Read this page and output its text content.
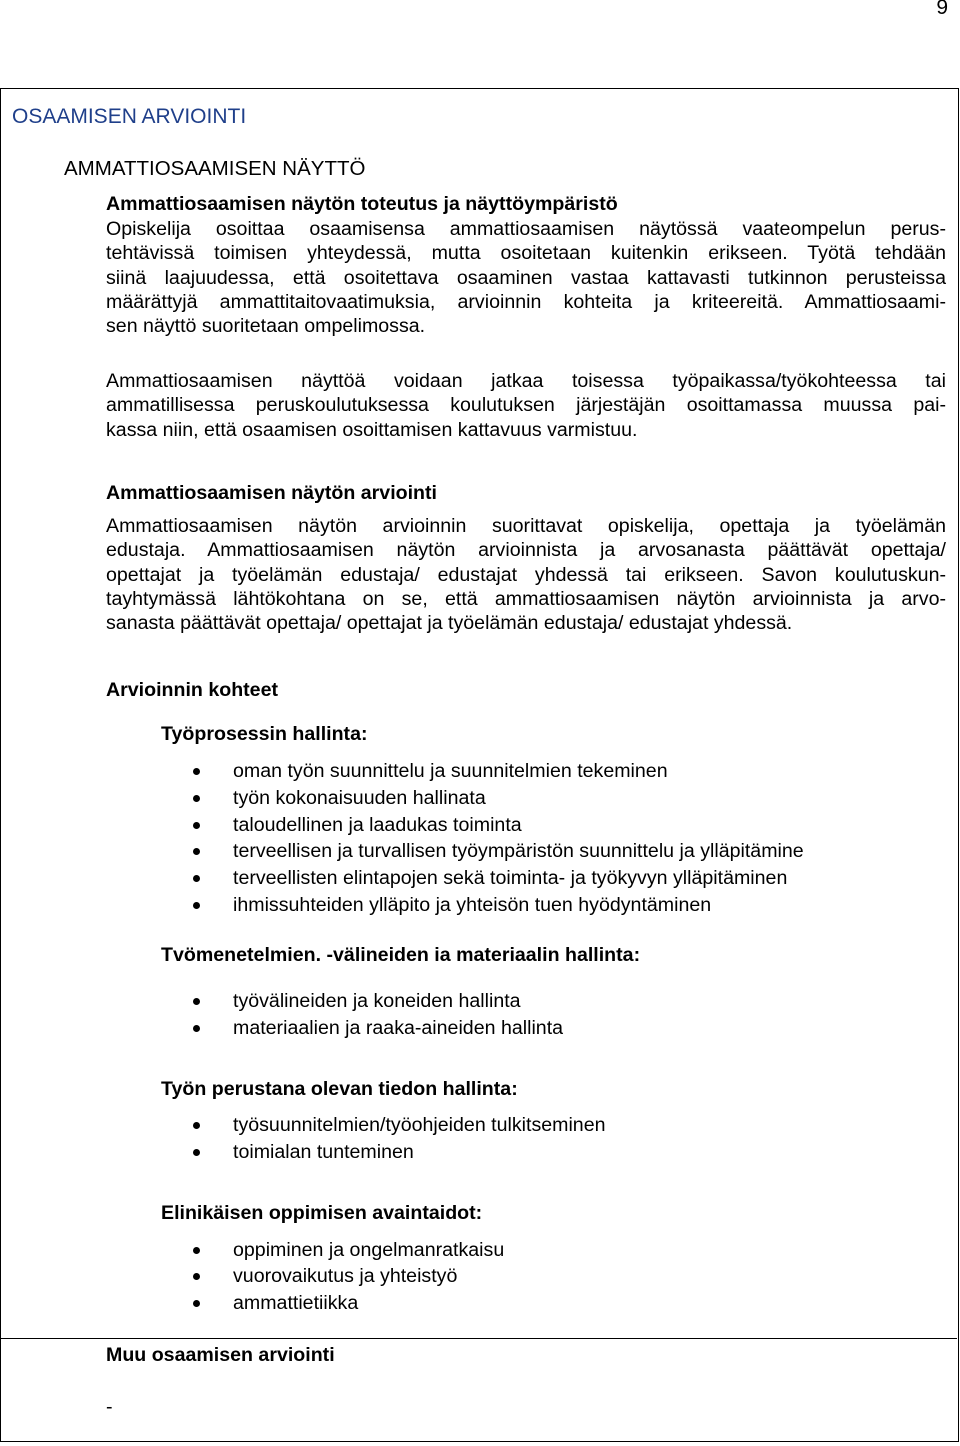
9
OSAAMISEN ARVIOINTI
AMMATTIOSAAMISEN NÄYTTÖ
Ammattiosaamisen näytön toteutus ja näyttöympäristö
Opiskelija osoittaa osaamisensa ammattiosaamisen näytössä vaateompelun perus-
tehtävissä toimisen yhteydessä, mutta osoitetaan kuitenkin erikseen. Työtä tehdään
siinä laajuudessa, että osoitettava osaaminen vastaa kattavasti tutkinnon perusteissa
määrättyjä ammattitaitovaatimuksia, arvioinnin kohteita ja kriteereitä. Ammattiosaami-
sen näyttö suoritetaan ompelimossa.
Ammattiosaamisen näyttöä voidaan jatkaa toisessa työpaikassa/työkohteessa tai
ammatillisessa peruskoulutuksessa koulutuksen järjestäjän osoittamassa muussa pai-
kassa niin, että osaamisen osoittamisen kattavuus varmistuu.
Ammattiosaamisen näytön arviointi
Ammattiosaamisen näytön arvioinnin suorittavat opiskelija, opettaja ja työelämän
edustaja. Ammattiosaamisen näytön arvioinnista ja arvosanasta päättävät opettaja/
opettajat ja työelämän edustaja/ edustajat yhdessä tai erikseen. Savon koulutuskun-
tayhtymässä lähtökohtana on se, että ammattiosaamisen näytön arvioinnista ja arvo-
sanasta päättävät opettaja/ opettajat ja työelämän edustaja/ edustajat yhdessä.
Arvioinnin kohteet
Työprosessin hallinta:
oman työn suunnittelu ja suunnitelmien tekeminen
työn kokonaisuuden hallinata
taloudellinen ja laadukas toiminta
terveellisen ja turvallisen työympäristön suunnittelu ja ylläpitämine
terveellisten elintapojen sekä toiminta- ja työkyvyn ylläpitäminen
ihmissuhteiden ylläpito ja yhteisön tuen hyödyntäminen
Tvömenetelmien. -välineiden ia materiaalin hallinta:
työvälineiden ja koneiden hallinta
materiaalien ja raaka-aineiden hallinta
Työn perustana olevan tiedon hallinta:
työsuunnitelmien/työohjeiden tulkitseminen
toimialan tunteminen
Elinikäisen oppimisen avaintaidot:
oppiminen ja ongelmanratkaisu
vuorovaikutus ja yhteistyö
ammattietiikka
Muu osaamisen arviointi
-
